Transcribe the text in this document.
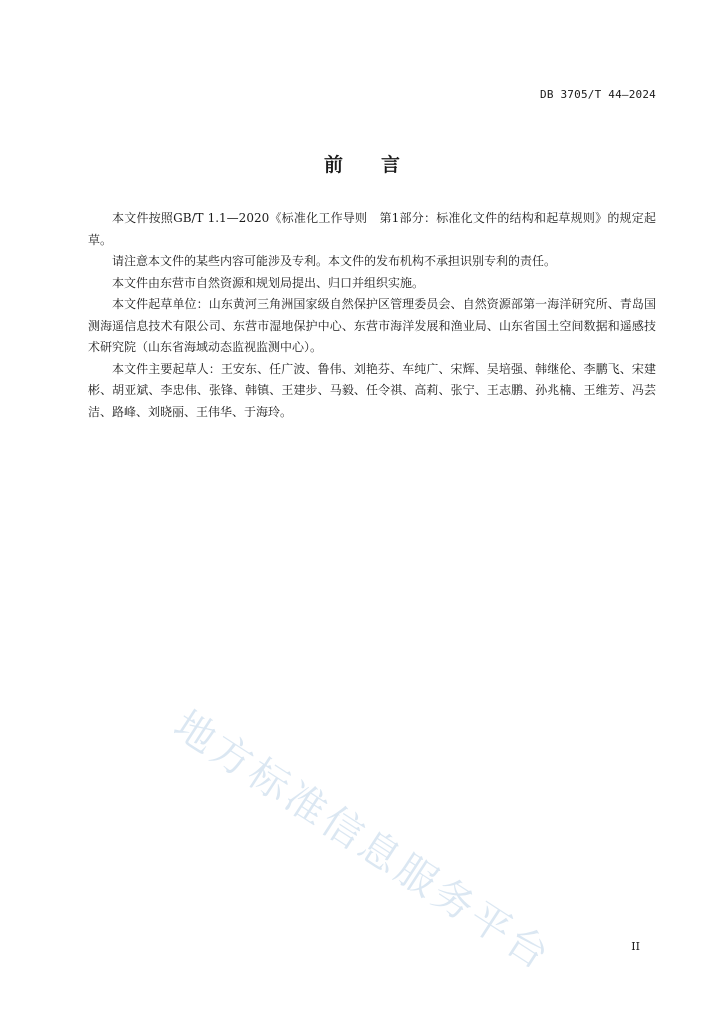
DB 3705/T 44—2024
前言

本文件按照GB/T 1.1—2020《标准化工作导则　第1部分：标准化文件的结构和起草规则》的规定起草。

请注意本文件的某些内容可能涉及专利。本文件的发布机构不承担识别专利的责任。

本文件由东营市自然资源和规划局提出、归口并组织实施。

本文件起草单位：山东黄河三角洲国家级自然保护区管理委员会、自然资源部第一海洋研究所、青岛国测海遥信息技术有限公司、东营市湿地保护中心、东营市海洋发展和渔业局、山东省国土空间数据和遥感技术研究院（山东省海域动态监视监测中心）。

本文件主要起草人：王安东、任广波、鲁伟、刘艳芬、车纯广、宋辉、吴培强、韩继伦、李鹏飞、宋建彬、胡亚斌、李忠伟、张锋、韩镇、王建步、马毅、任令祺、高莉、张宁、王志鹏、孙兆楠、王维芳、冯芸洁、路峰、刘晓丽、王伟华、于海玲。

地方标准信息服务平台	II
